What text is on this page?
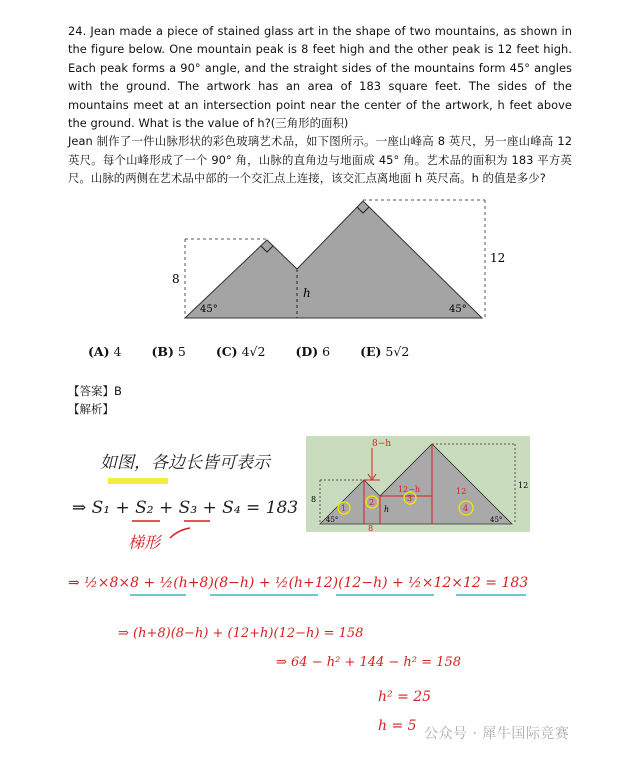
24. Jean made a piece of stained glass art in the shape of two mountains, as shown in the figure below. One mountain peak is 8 feet high and the other peak is 12 feet high. Each peak forms a 90° angle, and the straight sides of the mountains form 45° angles with the ground. The artwork has an area of 183 square feet. The sides of the mountains meet at an intersection point near the center of the artwork, h feet above the ground. What is the value of h?(三角形的面积)

Jean 制作了一件山脉形状的彩色玻璃艺术品，如下图所示。一座山峰高 8 英尺，另一座山峰高 12 英尺。每个山峰形成了一个 90° 角，山脉的直角边与地面成 45° 角。艺术品的面积为 183 平方英尺。山脉的两侧在艺术品中部的一个交汇点上连接，该交汇点离地面 h 英尺高。h 的值是多少?

8
12
h
45°	45°
(A) 4 (B) 5 (C) 4√2 (D) 6 (E) 5√2
【答案】B
【解析】
如图，各边长皆可表示
⇒ S₁ + S₂ + S₃ + S₄ = 183
梯形
⇒ ½×8×8 + ½(h+8)(8−h) + ½(h+12)(12−h) + ½×12×12 = 183
⇒ (h+8)(8−h) + (12+h)(12−h) = 158
⇒ 64 − h² + 144 − h² = 158
h² = 25
h = 5
8−h
12−h
8
12
8
12
h
1
2	3
4
45°	45°
公众号 · 犀牛国际竞赛
